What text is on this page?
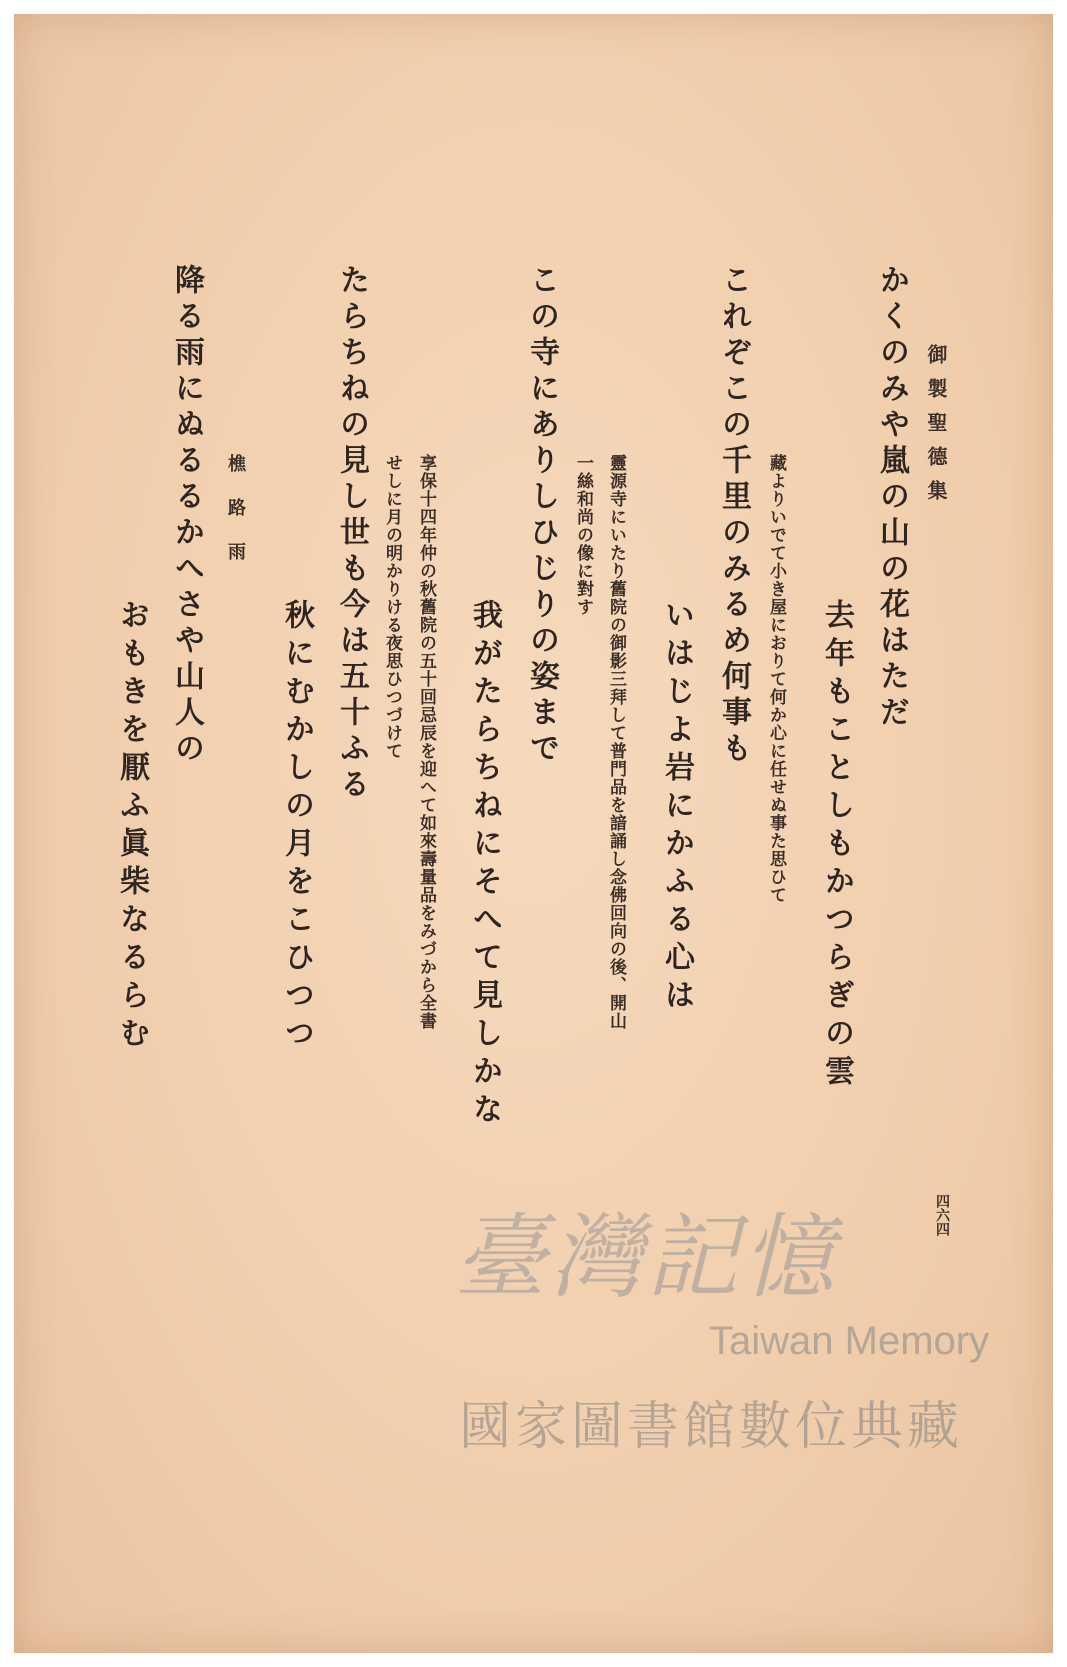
御製聖德集

かくのみや嵐の山の花はただ

去年もことしもかつらぎの雲

藏よりいでて小き屋におりて何か心に任せぬ事た思ひて

これぞこの千里のみるめ何事も

いはじよ岩にかふる心は

靈源寺にいたり舊院の御影三拜して普門品を諳誦し念佛回向の後、開山

一絲和尚の像に對す

この寺にありしひじりの姿まで

我がたらちねにそへて見しかな

享保十四年仲の秋舊院の五十回忌辰を迎へて如來壽量品をみづから全書

せしに月の明かりける夜思ひつづけて

たらちねの見し世も今は五十ふる

秋にむかしの月をこひつつ

樵路雨

降る雨にぬるるかへさや山人の

おもきを厭ふ眞柴なるらむ

四六四

臺灣記憶
Taiwan Memory
國家圖書館數位典藏
